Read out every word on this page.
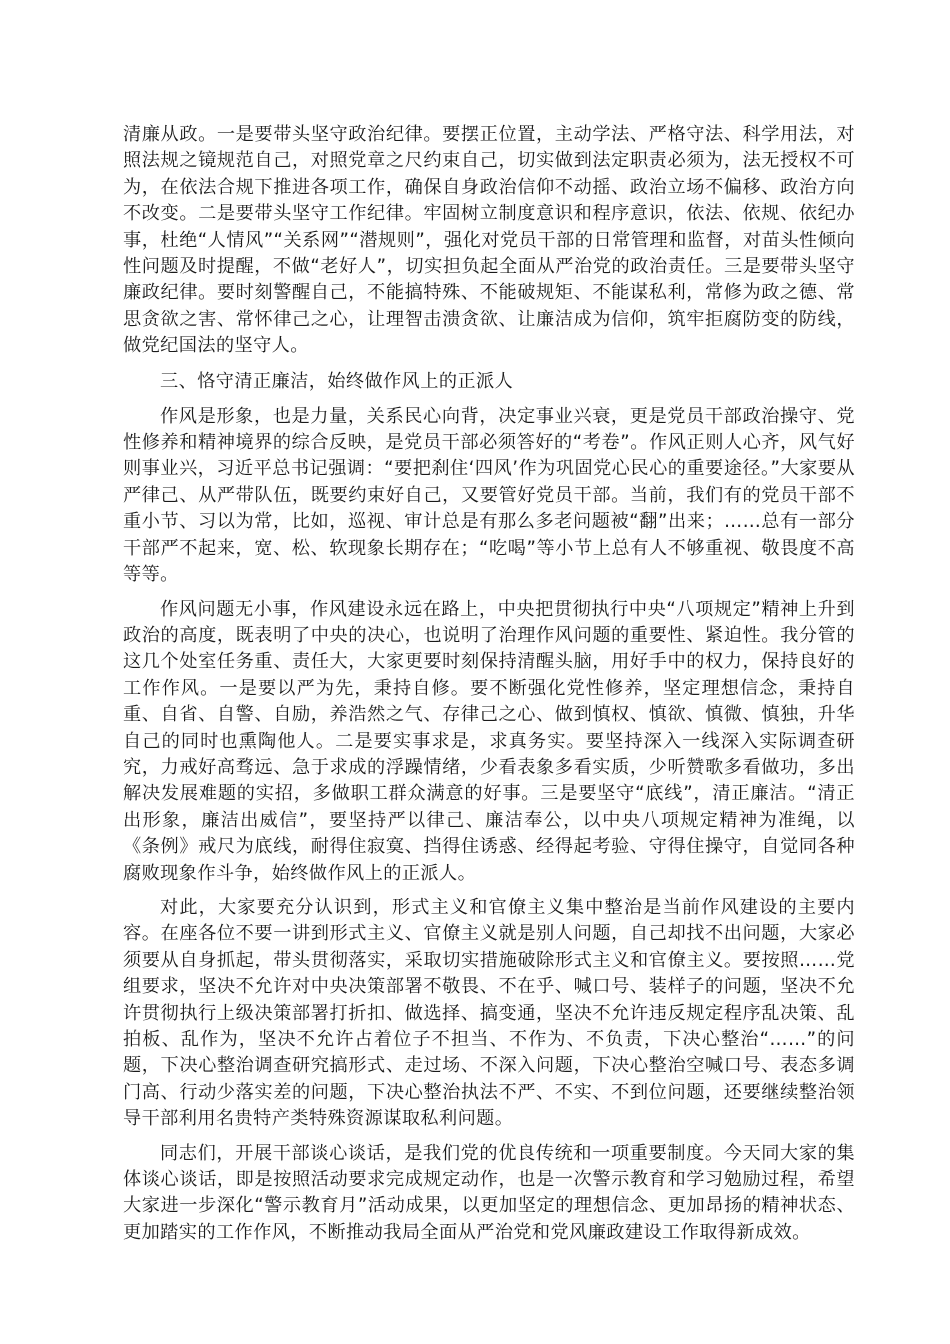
清廉从政。一是要带头坚守政治纪律。要摆正位置，主动学法、严格守法、科学用法，对照法规之镜规范自己，对照党章之尺约束自己，切实做到法定职责必须为，法无授权不可为，在依法合规下推进各项工作，确保自身政治信仰不动摇、政治立场不偏移、政治方向不改变。二是要带头坚守工作纪律。牢固树立制度意识和程序意识，依法、依规、依纪办事，杜绝“人情风”“关系网”“潜规则”，强化对党员干部的日常管理和监督，对苗头性倾向性问题及时提醒，不做“老好人”，切实担负起全面从严治党的政治责任。三是要带头坚守廉政纪律。要时刻警醒自己，不能搞特殊、不能破规矩、不能谋私利，常修为政之德、常思贪欲之害、常怀律己之心，让理智击溃贪欲、让廉洁成为信仰，筑牢拒腐防变的防线，做党纪国法的坚守人。

三、恪守清正廉洁，始终做作风上的正派人

作风是形象，也是力量，关系民心向背，决定事业兴衰，更是党员干部政治操守、党性修养和精神境界的综合反映，是党员干部必须答好的“考卷”。作风正则人心齐，风气好则事业兴，习近平总书记强调：“要把刹住‘四风’作为巩固党心民心的重要途径。”大家要从严律己、从严带队伍，既要约束好自己，又要管好党员干部。当前，我们有的党员干部不重小节、习以为常，比如，巡视、审计总是有那么多老问题被“翻”出来；……总有一部分干部严不起来，宽、松、软现象长期存在；“吃喝”等小节上总有人不够重视、敬畏度不高等等。

作风问题无小事，作风建设永远在路上，中央把贯彻执行中央“八项规定”精神上升到政治的高度，既表明了中央的决心，也说明了治理作风问题的重要性、紧迫性。我分管的这几个处室任务重、责任大，大家更要时刻保持清醒头脑，用好手中的权力，保持良好的工作作风。一是要以严为先，秉持自修。要不断强化党性修养，坚定理想信念，秉持自重、自省、自警、自励，养浩然之气、存律己之心、做到慎权、慎欲、慎微、慎独，升华自己的同时也熏陶他人。二是要实事求是，求真务实。要坚持深入一线深入实际调查研究，力戒好高骛远、急于求成的浮躁情绪，少看表象多看实质，少听赞歌多看做功，多出解决发展难题的实招，多做职工群众满意的好事。三是要坚守“底线”，清正廉洁。“清正出形象，廉洁出威信”，要坚持严以律己、廉洁奉公，以中央八项规定精神为准绳，以《条例》戒尺为底线，耐得住寂寞、挡得住诱惑、经得起考验、守得住操守，自觉同各种腐败现象作斗争，始终做作风上的正派人。

对此，大家要充分认识到，形式主义和官僚主义集中整治是当前作风建设的主要内容。在座各位不要一讲到形式主义、官僚主义就是别人问题，自己却找不出问题，大家必须要从自身抓起，带头贯彻落实，采取切实措施破除形式主义和官僚主义。要按照……党组要求，坚决不允许对中央决策部署不敬畏、不在乎、喊口号、装样子的问题，坚决不允许贯彻执行上级决策部署打折扣、做选择、搞变通，坚决不允许违反规定程序乱决策、乱拍板、乱作为，坚决不允许占着位子不担当、不作为、不负责，下决心整治“……”的问题，下决心整治调查研究搞形式、走过场、不深入问题，下决心整治空喊口号、表态多调门高、行动少落实差的问题，下决心整治执法不严、不实、不到位问题，还要继续整治领导干部利用名贵特产类特殊资源谋取私利问题。

同志们，开展干部谈心谈话，是我们党的优良传统和一项重要制度。今天同大家的集体谈心谈话，即是按照活动要求完成规定动作，也是一次警示教育和学习勉励过程，希望大家进一步深化“警示教育月”活动成果，以更加坚定的理想信念、更加昂扬的精神状态、更加踏实的工作作风，不断推动我局全面从严治党和党风廉政建设工作取得新成效。
